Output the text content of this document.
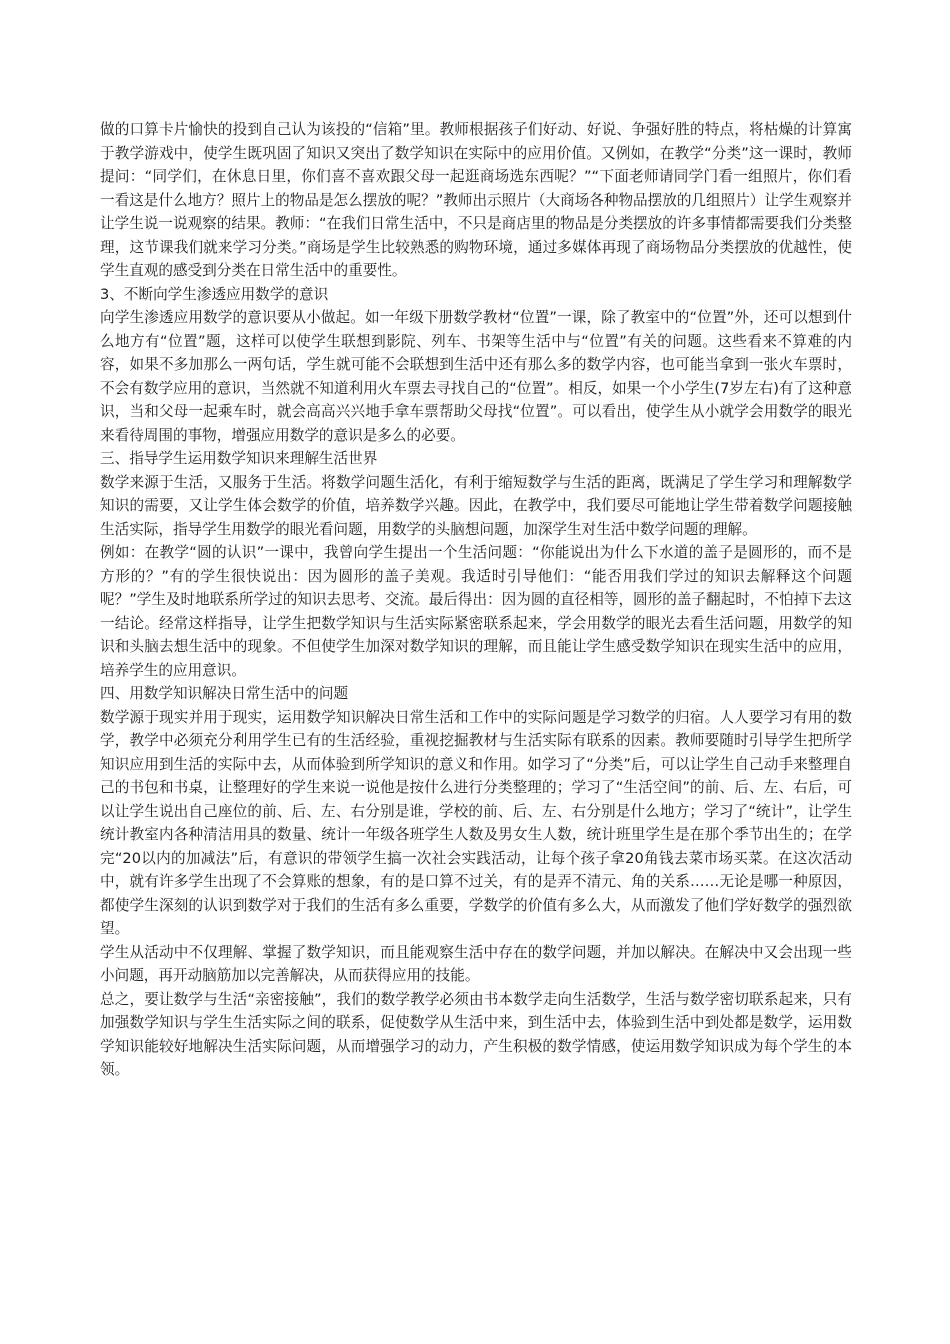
做的口算卡片愉快的投到自己认为该投的“信箱”里。教师根据孩子们好动、好说、争强好胜的特点，将枯燥的计算寓于教学游戏中，使学生既巩固了知识又突出了数学知识在实际中的应用价值。又例如，在教学“分类”这一课时，教师提问：“同学们，在休息日里，你们喜不喜欢跟父母一起逛商场选东西呢？”“下面老师请同学门看一组照片，你们看一看这是什么地方？照片上的物品是怎么摆放的呢？”教师出示照片（大商场各种物品摆放的几组照片）让学生观察并让学生说一说观察的结果。教师：“在我们日常生活中，不只是商店里的物品是分类摆放的许多事情都需要我们分类整理，这节课我们就来学习分类。”商场是学生比较熟悉的购物环境，通过多媒体再现了商场物品分类摆放的优越性，使学生直观的感受到分类在日常生活中的重要性。

3、不断向学生渗透应用数学的意识

向学生渗透应用数学的意识要从小做起。如一年级下册数学教材“位置”一课，除了教室中的“位置”外，还可以想到什么地方有“位置”题，这样可以使学生联想到影院、列车、书架等生活中与“位置”有关的问题。这些看来不算难的内容，如果不多加那么一两句话，学生就可能不会联想到生活中还有那么多的数学内容，也可能当拿到一张火车票时，不会有数学应用的意识，当然就不知道利用火车票去寻找自己的“位置”。相反，如果一个小学生(7岁左右)有了这种意识，当和父母一起乘车时，就会高高兴兴地手拿车票帮助父母找“位置”。可以看出，使学生从小就学会用数学的眼光来看待周围的事物，增强应用数学的意识是多么的必要。

三、指导学生运用数学知识来理解生活世界

数学来源于生活，又服务于生活。将数学问题生活化，有利于缩短数学与生活的距离，既满足了学生学习和理解数学知识的需要，又让学生体会数学的价值，培养数学兴趣。因此，在教学中，我们要尽可能地让学生带着数学问题接触生活实际，指导学生用数学的眼光看问题，用数学的头脑想问题，加深学生对生活中数学问题的理解。

例如：在教学“圆的认识”一课中，我曾向学生提出一个生活问题：“你能说出为什么下水道的盖子是圆形的，而不是方形的？”有的学生很快说出：因为圆形的盖子美观。我适时引导他们：“能否用我们学过的知识去解释这个问题呢？”学生及时地联系所学过的知识去思考、交流。最后得出：因为圆的直径相等，圆形的盖子翻起时，不怕掉下去这一结论。经常这样指导，让学生把数学知识与生活实际紧密联系起来，学会用数学的眼光去看生活问题，用数学的知识和头脑去想生活中的现象。不但使学生加深对数学知识的理解，而且能让学生感受数学知识在现实生活中的应用，培养学生的应用意识。

四、用数学知识解决日常生活中的问题

数学源于现实并用于现实，运用数学知识解决日常生活和工作中的实际问题是学习数学的归宿。人人要学习有用的数学，教学中必须充分利用学生已有的生活经验，重视挖掘教材与生活实际有联系的因素。教师要随时引导学生把所学知识应用到生活的实际中去，从而体验到所学知识的意义和作用。如学习了“分类”后，可以让学生自己动手来整理自己的书包和书桌，让整理好的学生来说一说他是按什么进行分类整理的；学习了“生活空间”的前、后、左、右后，可以让学生说出自己座位的前、后、左、右分别是谁，学校的前、后、左、右分别是什么地方；学习了“统计”，让学生统计教室内各种清洁用具的数量、统计一年级各班学生人数及男女生人数，统计班里学生是在那个季节出生的；在学完“20以内的加减法”后，有意识的带领学生搞一次社会实践活动，让每个孩子拿20角钱去菜市场买菜。在这次活动中，就有许多学生出现了不会算账的想象，有的是口算不过关，有的是弄不清元、角的关系……无论是哪一种原因，都使学生深刻的认识到数学对于我们的生活有多么重要，学数学的价值有多么大，从而激发了他们学好数学的强烈欲望。

学生从活动中不仅理解、掌握了数学知识，而且能观察生活中存在的数学问题，并加以解决。在解决中又会出现一些小问题，再开动脑筋加以完善解决，从而获得应用的技能。

总之，要让数学与生活“亲密接触”，我们的数学教学必须由书本数学走向生活数学，生活与数学密切联系起来，只有加强数学知识与学生生活实际之间的联系，促使数学从生活中来，到生活中去，体验到生活中到处都是数学，运用数学知识能较好地解决生活实际问题，从而增强学习的动力，产生积极的数学情感，使运用数学知识成为每个学生的本领。
